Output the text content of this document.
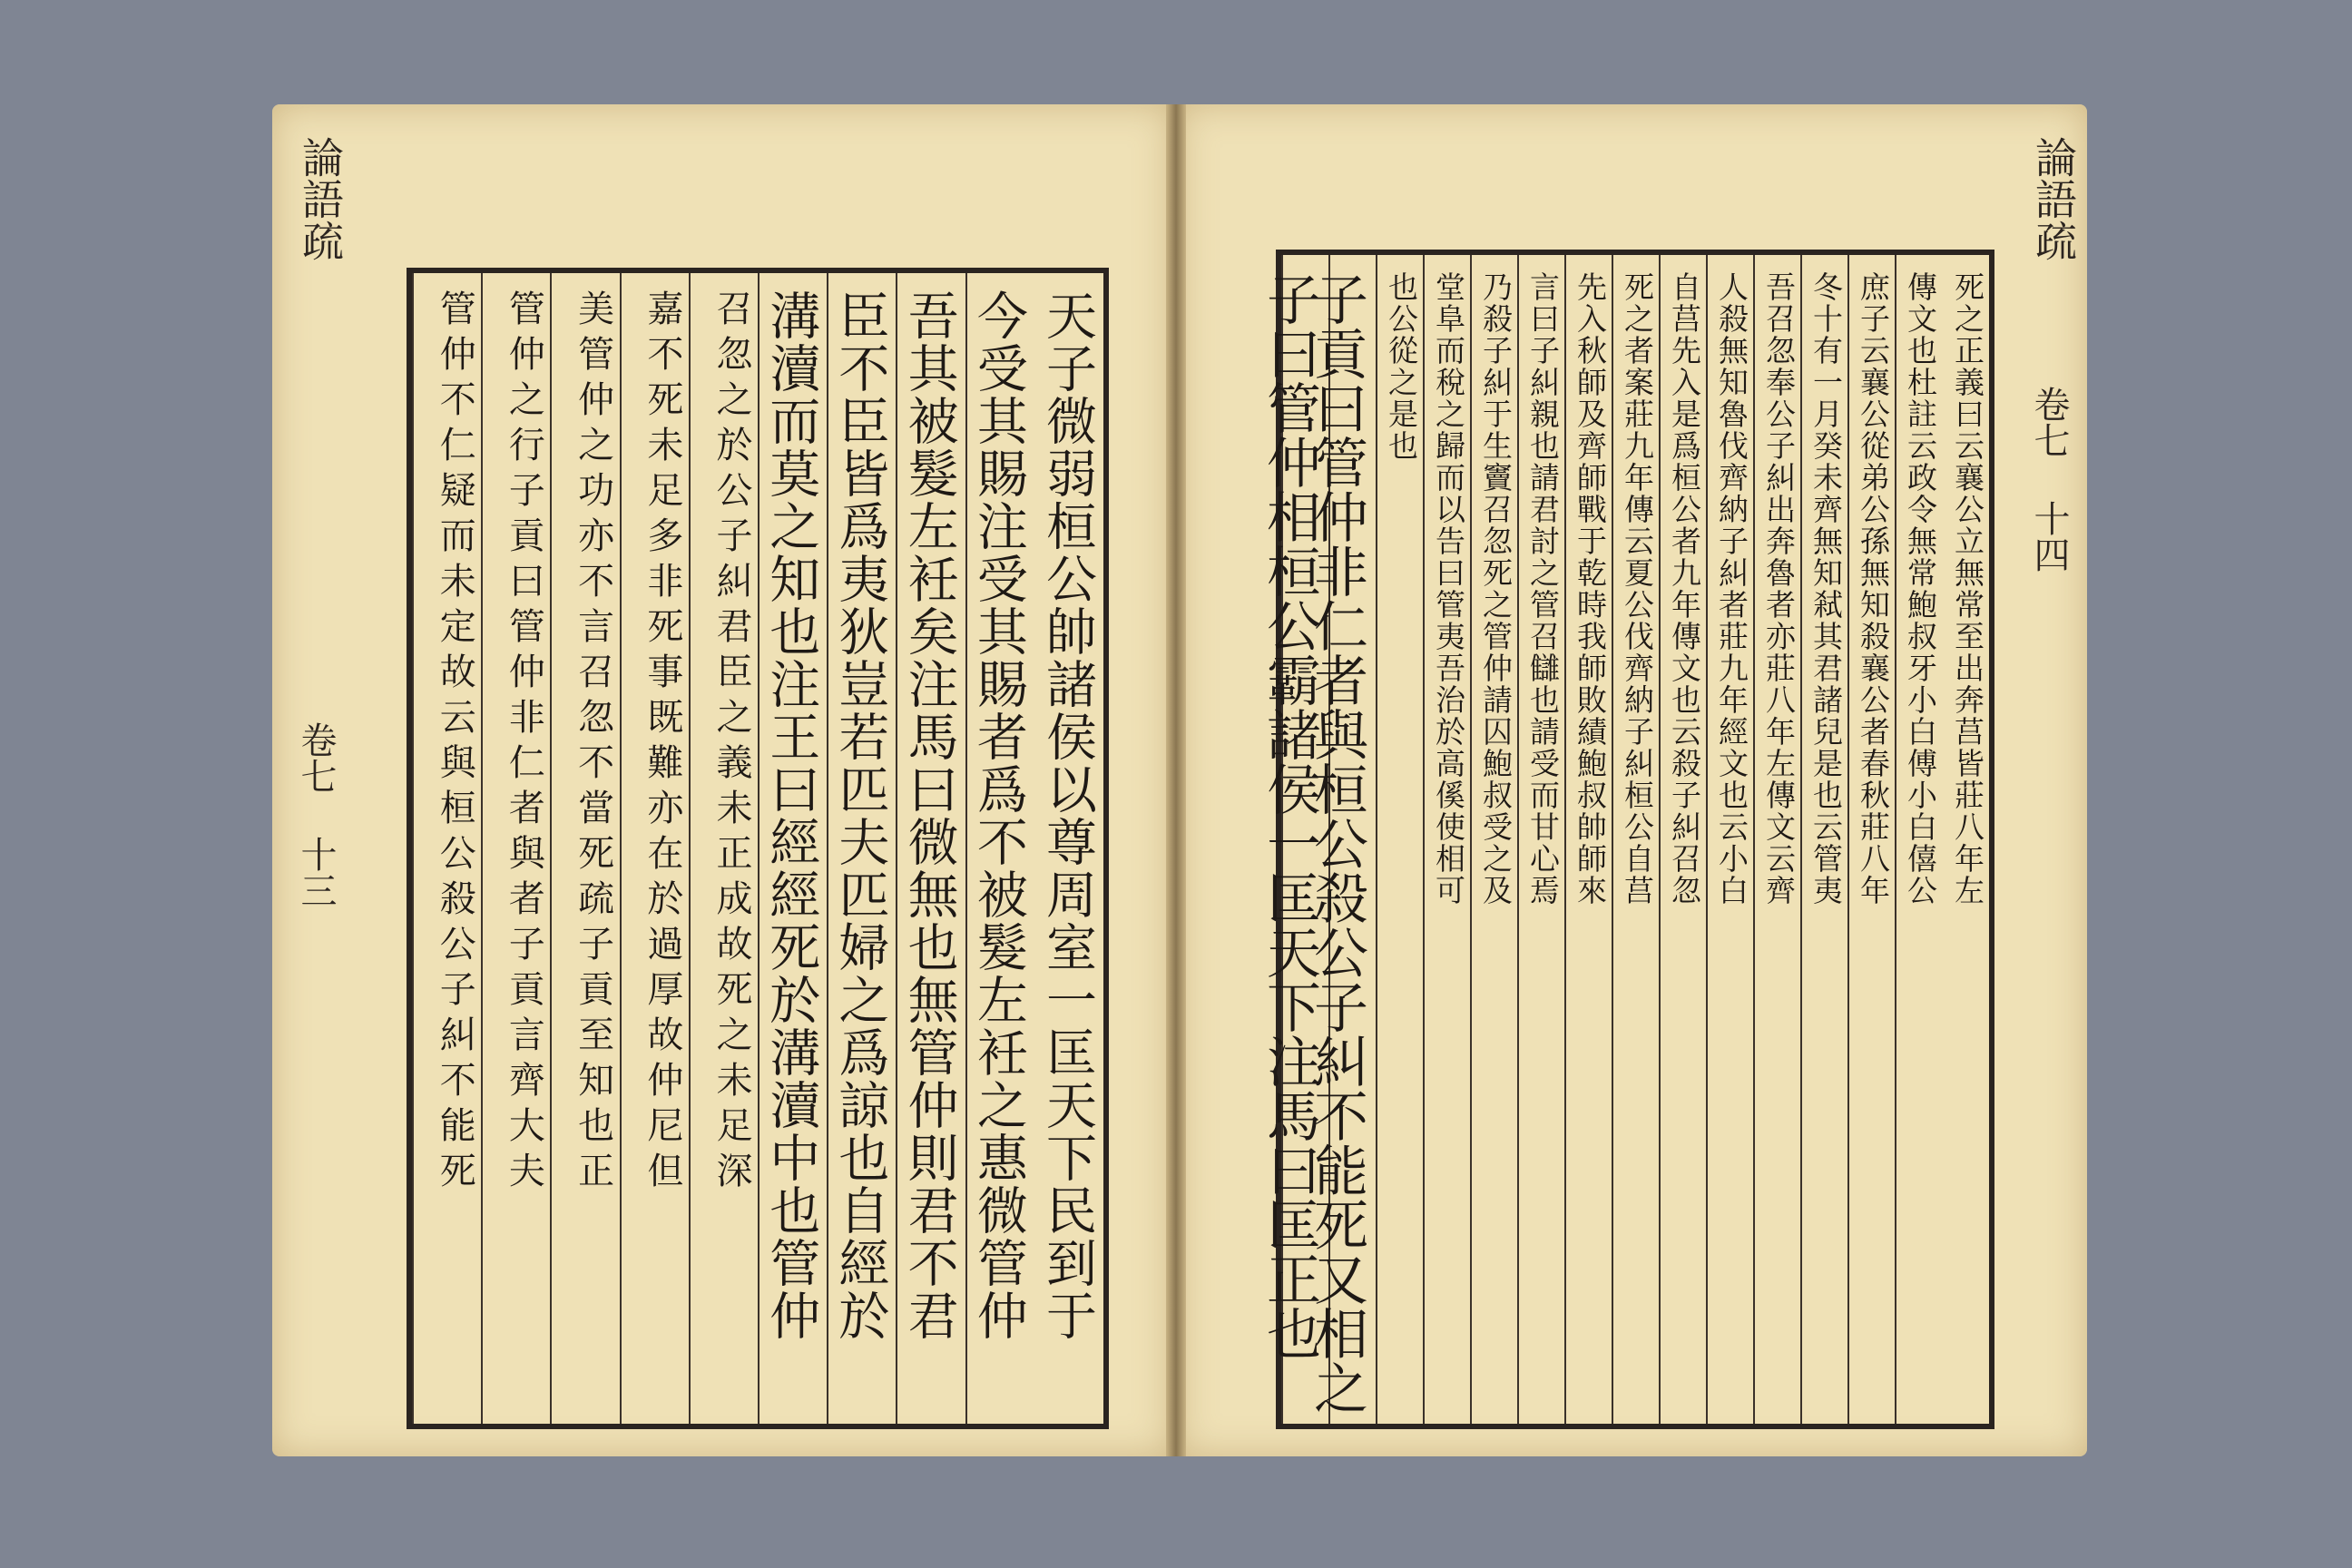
論語疏
卷七 十三	天子微弱桓公帥諸侯以尊周室一匡天下民到于
今受其賜注受其賜者爲不被髮左衽之惠微管仲
吾其被髮左衽矣注馬曰微無也無管仲則君不君
臣不臣皆爲夷狄豈若匹夫匹婦之爲諒也自經於
溝瀆而莫之知也注王曰經經死於溝瀆中也管仲
召忽之於公子糾君臣之義未正成故死之未足深
嘉不死未足多非死事既難亦在於過厚故仲尼但
美管仲之功亦不言召忽不當死疏子貢至知也正
管仲之行子貢曰管仲非仁者與者子貢言齊大夫
管仲不仁疑而未定故云與桓公殺公子糾不能死
論語疏
卷七 十四
死之正義曰云襄公立無常至出奔莒皆莊八年左
傳文也杜註云政令無常鮑叔牙小白傅小白僖公
庶子云襄公從弟公孫無知殺襄公者春秋莊八年
冬十有一月癸未齊無知弒其君諸兒是也云管夷
吾召忽奉公子糾出奔魯者亦莊八年左傳文云齊
人殺無知魯伐齊納子糾者莊九年經文也云小白
自莒先入是爲桓公者九年傳文也云殺子糾召忽
死之者案莊九年傳云夏公伐齊納子糾桓公自莒
先入秋師及齊師戰于乾時我師敗績鮑叔帥師來
言曰子糾親也請君討之管召讎也請受而甘心焉
乃殺子糾于生竇召忽死之管仲請囚鮑叔受之及
堂阜而稅之歸而以告曰管夷吾治於高傒使相可
也公從之是也
子貢曰管仲非仁者與桓公殺公子糾不能死又相之
子曰管仲相桓公霸諸侯一匡天下注馬曰匡正也
